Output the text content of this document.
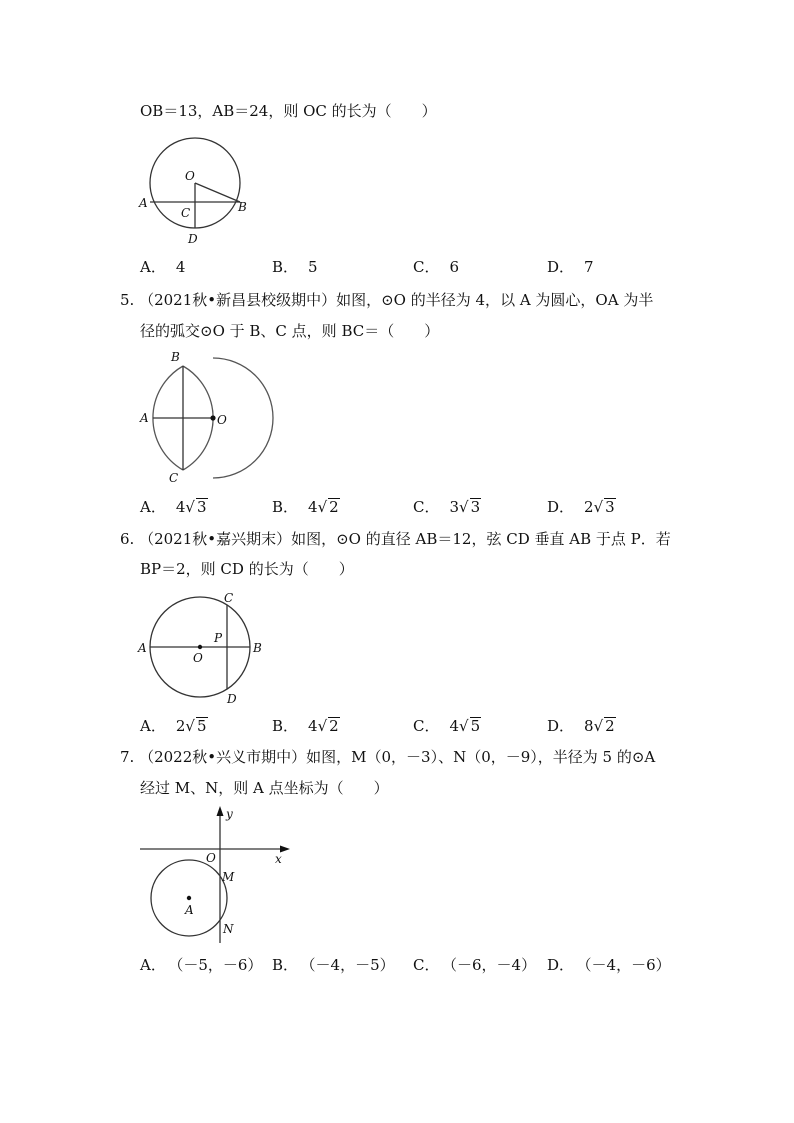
OB＝13，AB＝24，则 OC 的长为（　　）
O
A	B
C
D
A． 4	B． 5	C． 6	D． 7
5. （2021秋•新昌县校级期中）如图，⊙O 的半径为 4，以 A 为圆心，OA 为半
径的弧交⊙O 于 B、C 点，则 BC＝（　　）
B
A	O
C
A． 4√ 3	B． 4√ 2	C． 3√ 3	D． 2√ 3
6. （2021秋•嘉兴期末）如图，⊙O 的直径 AB＝12，弦 CD 垂直 AB 于点 P．若
BP＝2，则 CD 的长为（　　）
C
P
A
O
B
D
A． 2√ 5	B． 4√ 2	C． 4√ 5	D． 8√ 2
7. （2022秋•兴义市期中）如图，M（0，－3）、N（0，－9），半径为 5 的⊙A
经过 M、N，则 A 点坐标为（　　）
y
x
O
M
A
N
A． （－5，－6） B． （－4，－5） C． （－6，－4） D． （－4，－6）
